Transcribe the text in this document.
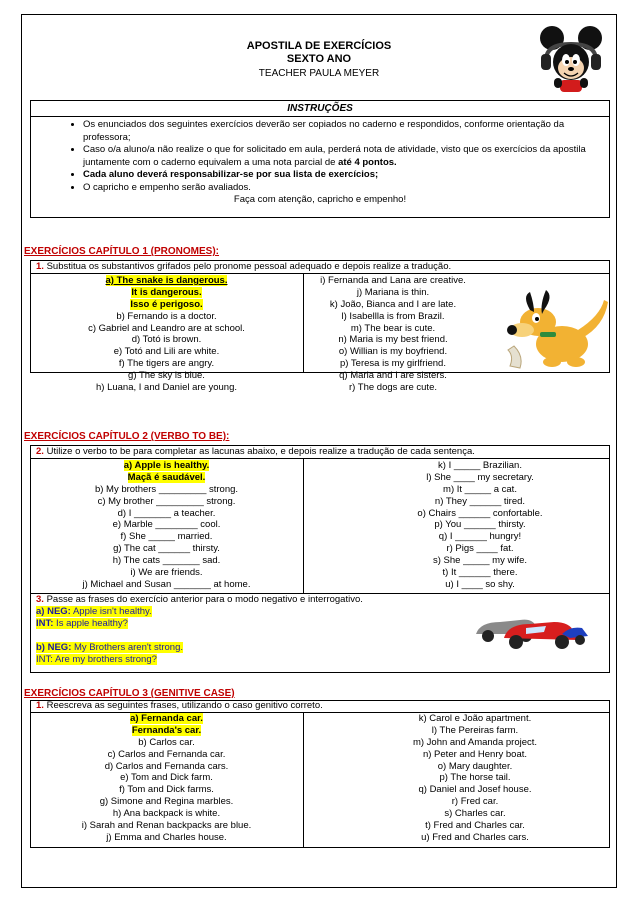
APOSTILA DE EXERCÍCIOS
SEXTO ANO
TEACHER PAULA MEYER
INSTRUÇÕES
• Os enunciados dos seguintes exercícios deverão ser copiados no caderno e respondidos, conforme orientação da professora;
• Caso o/a aluno/a não realize o que for solicitado em aula, perderá nota de atividade, visto que os exercícios da apostila juntamente com o caderno equivalem a uma nota parcial de até 4 pontos.
• Cada aluno deverá responsabilizar-se por sua lista de exercícios;
• O capricho e empenho serão avaliados.
Faça com atenção, capricho e empenho!
EXERCÍCIOS CAPÍTULO 1 (PRONOMES):
1. Substitua os substantivos grifados pelo pronome pessoal adequado e depois realize a tradução.
a) The snake is dangerous.
It is dangerous.
Isso é perigoso.
b) Fernando is a doctor.
c) Gabriel and Leandro are at school.
d) Totó is brown.
e) Totó and Lili are white.
f) The tigers are angry.
g) The sky is blue.
h) Luana, I and Daniel are young.
i) Fernanda and Lana are creative.
j) Mariana is thin.
k) João, Bianca and I are late.
l) Isabellla is from Brazil.
m) The bear is cute.
n) Maria is my best friend.
o) Willian is my boyfriend.
p) Teresa is my girlfriend.
q) Maria and I are sisters.
r) The dogs are cute.
EXERCÍCIOS CAPÍTULO 2 (VERBO TO BE):
2. Utilize o verbo to be para completar as lacunas abaixo, e depois realize a tradução de cada sentença.
a) Apple is healthy.
Maçã é saudável.
b) My brothers _________ strong.
c) My brother _________ strong.
d) I _______ a teacher.
e) Marble ________ cool.
f) She _____ married.
g) The cat ______ thirsty.
h) The cats _______ sad.
i) We are friends.
j) Michael and Susan _______ at home.
k) I _____ Brazilian.
l) She ____ my secretary.
m) It _____ a cat.
n) They ______ tired.
o) Chairs ______ confortable.
p) You ______ thirsty.
q) I ______ hungry!
r) Pigs ____ fat.
s) She _____ my wife.
t) It ______ there.
u) I ____ so shy.
3. Passe as frases do exercício anterior para o modo negativo e interrogativo.
a) NEG: Apple isn't healthy.
INT: Is apple healthy?

b) NEG: My Brothers aren't strong.
INT: Are my brothers strong?
EXERCÍCIOS CAPÍTULO 3 (GENITIVE CASE)
1. Reescreva as seguintes frases, utilizando o caso genitivo correto.
a) Fernanda car.
Fernanda's car.
b) Carlos car.
c) Carlos and Fernanda car.
d) Carlos and Fernanda cars.
e) Tom and Dick farm.
f) Tom and Dick farms.
g) Simone and Regina marbles.
h) Ana backpack is white.
i) Sarah and Renan backpacks are blue.
j) Emma and Charles house.
k) Carol e João apartment.
l) The Pereiras farm.
m) John and Amanda project.
n) Peter and Henry boat.
o) Mary daughter.
p) The horse tail.
q) Daniel and Josef house.
r) Fred car.
s) Charles car.
t) Fred and Charles car.
u) Fred and Charles cars.
